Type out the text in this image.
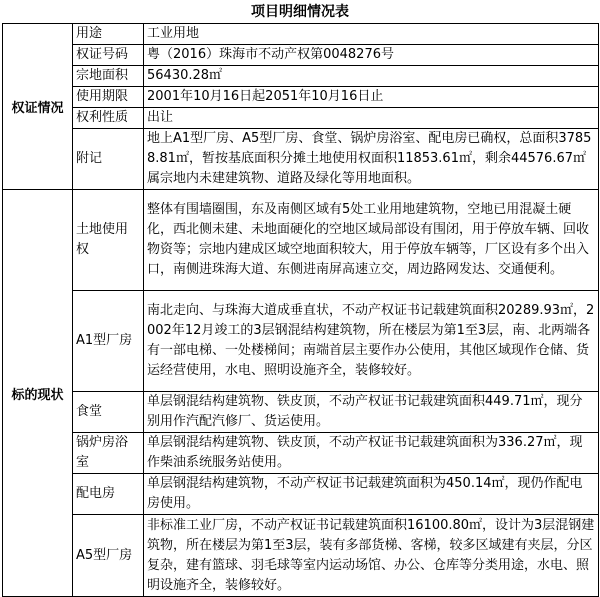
项目明细情况表
权证情况	用途	工业用地
	权证号码	粤（2016）珠海市不动产权第0048276号
	宗地面积	56430.28㎡
	使用期限	2001年10月16日起2051年10月16日止
	权利性质	出让
	附记	地上A1型厂房、A5型厂房、食堂、锅炉房浴室、配电房已确权，总面积37858.81㎡，暂按基底面积分摊土地使用权面积11853.61㎡，剩余44576.67㎡属宗地内未建建筑物、道路及绿化等用地面积。
标的现状	土地使用权	整体有围墙圈围，东及南侧区域有5处工业用地建筑物，空地已用混凝土硬化，西北侧未建、未地面硬化的空地区域局部设有围闭，用于停放车辆、回收物资等；宗地内建成区域空地面积较大，用于停放车辆等，厂区设有多个出入口，南侧进珠海大道、东侧进南屏高速立交，周边路网发达、交通便利。
	A1型厂房	南北走向、与珠海大道成垂直状，不动产权证书记载建筑面积20289.93㎡，2002年12月竣工的3层钢混结构建筑物，所在楼层为第1至3层，南、北两端各有一部电梯、一处楼梯间；南端首层主要作办公使用，其他区域现作仓储、货运经营使用，水电、照明设施齐全，装修较好。
	食堂	单层钢混结构建筑物、铁皮顶，不动产权证书记载建筑面积449.71㎡，现分别用作汽配汽修厂、货运使用。
	锅炉房浴室	单层钢混结构建筑物、铁皮顶，不动产权证书记载建筑面积为336.27㎡，现作柴油系统服务站使用。
	配电房	单层钢混结构建筑物，不动产权证书记载建筑面积为450.14㎡，现仍作配电房使用。
	A5型厂房	非标准工业厂房，不动产权证书记载建筑面积16100.80㎡，设计为3层混钢建筑物，所在楼层为第1至3层，装有多部货梯、客梯，较多区域建有夹层，分区复杂，建有篮球、羽毛球等室内运动场馆、办公、仓库等分类用途，水电、照明设施齐全，装修较好。
